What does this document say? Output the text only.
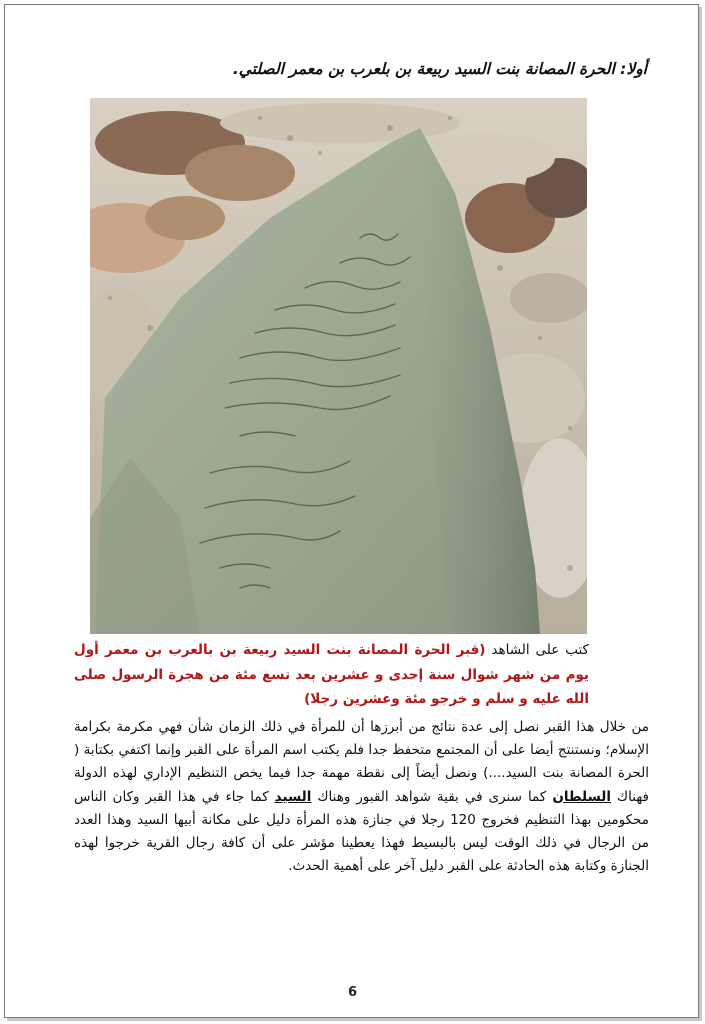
أولا: الحرة المصانة بنت السيد ربيعة بن بلعرب بن معمر الصلتي.
كتب على الشاهد (قبر الحرة المصانة بنت السيد ربيعة بن بالعرب بن معمر أول يوم من شهر شوال سنة إحدى و عشرين بعد تسع مئة من هجرة الرسول صلى الله عليه و سلم و خرجو مئة وعشرين رجلا)
من خلال هذا القبر نصل إلى عدة نتائج من أبرزها أن للمرأة في ذلك الزمان شأن فهي مكرمة بكرامة الإسلام؛ ونستنتج أيضا على أن المجتمع متحفظ جدا فلم يكتب اسم المرأة على القبر وإنما اكتفي بكتابة ( الحرة المصانة بنت السيد....) ونصل أيضاً إلى نقطة مهمة جدا فيما يخص التنظيم الإداري لهذه الدولة فهناك السلطان كما سنرى في بقية شواهد القبور وهناك السيد كما جاء في هذا القبر وكان الناس محكومين بهذا التنظيم فخروج 120 رجلا في جنازة هذه المرأة دليل على مكانة أبيها السيد وهذا العدد من الرجال في ذلك الوقت ليس بالبسيط فهذا يعطينا مؤشر على أن كافة رجال القرية خرجوا لهذه الجنازة وكتابة هذه الحادثة على القبر دليل آخر على أهمية الحدث.
6
